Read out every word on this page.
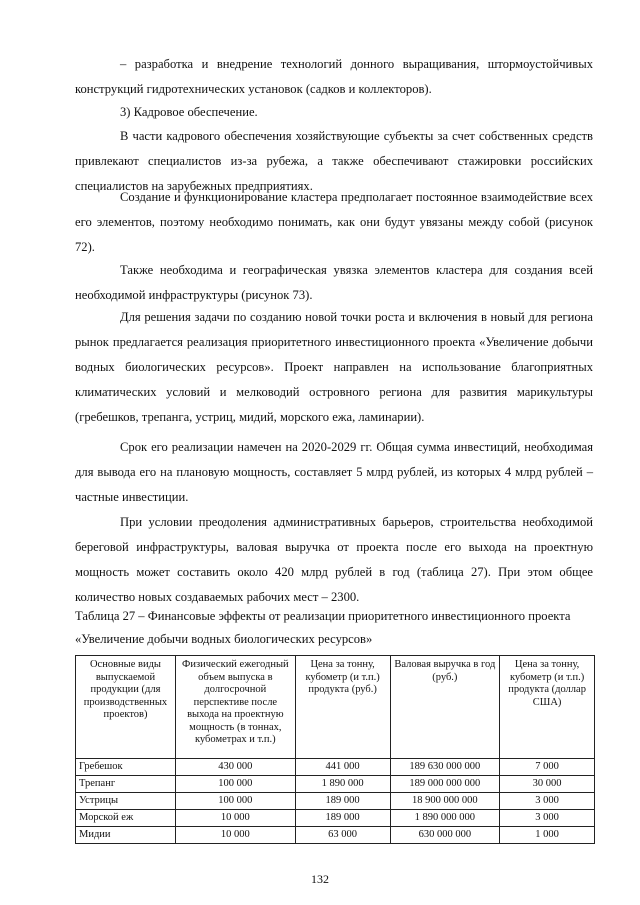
– разработка и внедрение технологий донного выращивания, штормоустойчивых конструкций гидротехнических установок (садков и коллекторов).

3) Кадровое обеспечение.

В части кадрового обеспечения хозяйствующие субъекты за счет собственных средств привлекают специалистов из-за рубежа, а также обеспечивают стажировки российских специалистов на зарубежных предприятиях.

Создание и функционирование кластера предполагает постоянное взаимодействие всех его элементов, поэтому необходимо понимать, как они будут увязаны между собой (рисунок 72).

Также необходима и географическая увязка элементов кластера для создания всей необходимой инфраструктуры (рисунок 73).

Для решения задачи по созданию новой точки роста и включения в новый для региона рынок предлагается реализация приоритетного инвестиционного проекта «Увеличение добычи водных биологических ресурсов». Проект направлен на использование благоприятных климатических условий и мелководий островного региона для развития марикультуры (гребешков, трепанга, устриц, мидий, морского ежа, ламинарии).

Срок его реализации намечен на 2020-2029 гг. Общая сумма инвестиций, необходимая для вывода его на плановую мощность, составляет 5 млрд рублей, из которых 4 млрд рублей – частные инвестиции.

При условии преодоления административных барьеров, строительства необходимой береговой инфраструктуры, валовая выручка от проекта после его выхода на проектную мощность может составить около 420 млрд рублей в год (таблица 27). При этом общее количество новых создаваемых рабочих мест – 2300.

Таблица 27 – Финансовые эффекты от реализации приоритетного инвестиционного проекта «Увеличение добычи водных биологических ресурсов»

Основные виды выпускаемой продукции (для производственных проектов)	Физический ежегодный объем выпуска в долгосрочной перспективе после выхода на проектную мощность (в тоннах, кубометрах и т.п.)	Цена за тонну, кубометр (и т.п.) продукта (руб.)	Валовая выручка в год (руб.)	Цена за тонну, кубометр (и т.п.) продукта (доллар США)
Гребешок	430 000	441 000	189 630 000 000	7 000
Трепанг	100 000	1 890 000	189 000 000 000	30 000
Устрицы	100 000	189 000	18 900 000 000	3 000
Морской еж	10 000	189 000	1 890 000 000	3 000
Мидии	10 000	63 000	630 000 000	1 000
132
